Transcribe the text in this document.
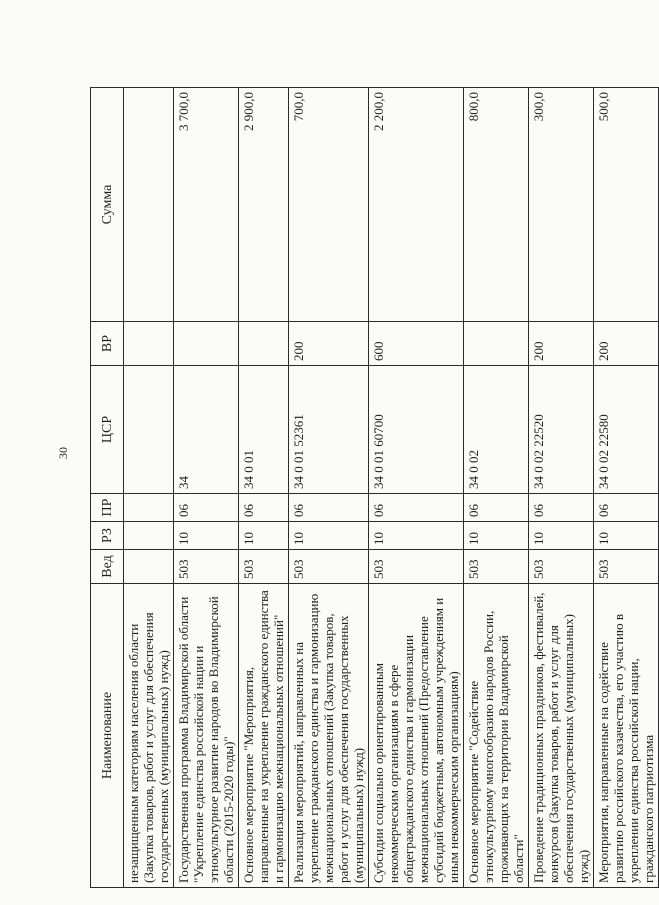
30
Наименование	Вед	РЗ	ПР	ЦСР	ВР	Сумма
незащищенным категориям населения области (Закупка товаров, работ и услуг для обеспечения государственных (муниципальных) нужд)						
Государственная программа Владимирской области "Укрепление единства российской нации и этнокультурное развитие народов во Владимирской области (2015-2020 годы)"	503	10	06	34		3 700,0
Основное мероприятие "Мероприятия, направленные на укрепление гражданского единства и гармонизацию межнациональных отношений"	503	10	06	34 0 01		2 900,0
Реализация мероприятий, направленных на укрепление гражданского единства и гармонизацию межнациональных отношений (Закупка товаров, работ и услуг для обеспечения государственных (муниципальных) нужд)	503	10	06	34 0 01 52361	200	700,0
Субсидии социально ориентированным некоммерческим организациям в сфере общегражданского единства и гармонизации межнациональных отношений (Предоставление субсидий бюджетным, автономным учреждениям и иным некоммерческим организациям)	503	10	06	34 0 01 60700	600	2 200,0
Основное мероприятие "Содействие этнокультурному многообразию народов России, проживающих на территории Владимирской области"	503	10	06	34 0 02		800,0
Проведение традиционных праздников, фестивалей, конкурсов (Закупка товаров, работ и услуг для обеспечения государственных (муниципальных) нужд)	503	10	06	34 0 02 22520	200	300,0
Мероприятия, направленные на содействие развитию российского казачества, его участию в укреплении единства российской нации, гражданского патриотизма	503	10	06	34 0 02 22580	200	500,0
